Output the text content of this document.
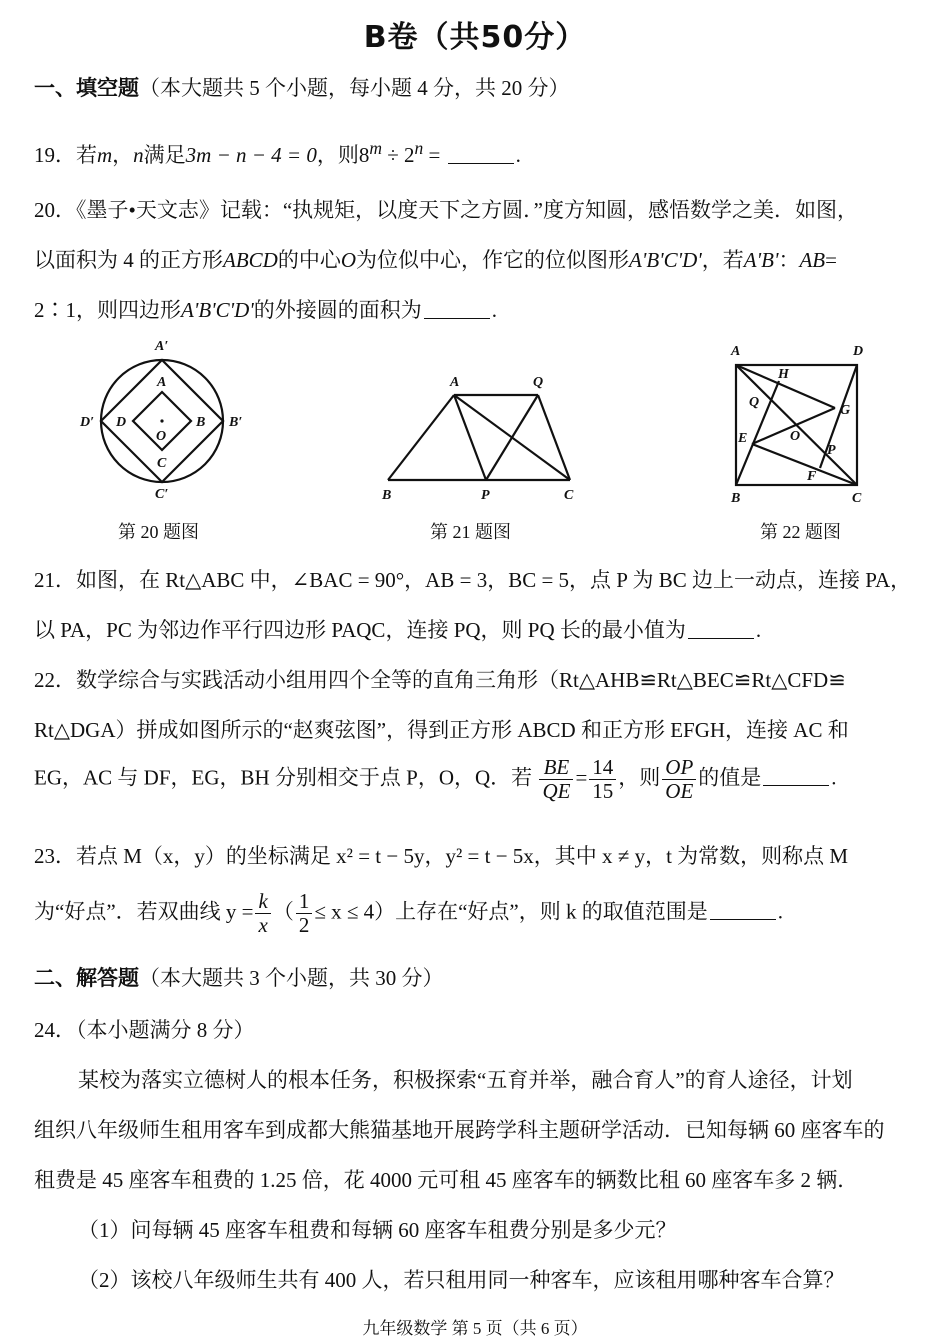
B卷（共50分）
一、填空题（本大题共 5 个小题，每小题 4 分，共 20 分）
19．若m，n满足3m − n − 4 = 0，则$8^m \div 2^n$ =	.
20．《墨子•天文志》记载：“执规矩，以度天下之方圆．”度方知圆，感悟数学之美．如图，
以面积为 4 的正方形ABCD的中心O为位似中心，作它的位似图形A'B'C'D'，若A'B'：AB=
2∶1，则四边形A'B'C'D'的外接圆的面积为	.
A′
B′
C′
D′
A
B
C
D
O
第 20 题图
A	Q
B	P	C
第 21 题图
A	D
B	C
H
Q
G
E	O
P
F
第 22 题图
21．如图，在 Rt△ABC 中，∠BAC = 90°，AB = 3，BC = 5，点 P 为 BC 边上一动点，连接 PA，
以 PA，PC 为邻边作平行四边形 PAQC，连接 PQ，则 PQ 长的最小值为	.
22．数学综合与实践活动小组用四个全等的直角三角形（Rt△AHB≌Rt△BEC≌Rt△CFD≌
Rt△DGA）拼成如图所示的“赵爽弦图”，得到正方形 ABCD 和正方形 EFGH，连接 AC 和
EG，AC 与 DF，EG，BH 分别相交于点 P，O，Q．若 $\frac{BE}{QE} = \frac{14}{15}$ ，则 $\frac{OP}{OE}$ 的值是	.
23．若点 M（x，y）的坐标满足 x² = t − 5y，y² = t − 5x，其中 x ≠ y，t 为常数，则称点 M
为“好点”．若双曲线 $y = \frac{k}{x}$ （ $\frac{1}{2} \le x \le 4$）上存在“好点”，则 k 的取值范围是	.
二、解答题（本大题共 3 个小题，共 30 分）
24．（本小题满分 8 分）
某校为落实立德树人的根本任务，积极探索“五育并举，融合育人”的育人途径，计划
组织八年级师生租用客车到成都大熊猫基地开展跨学科主题研学活动．已知每辆 60 座客车的
租费是 45 座客车租费的 1.25 倍，花 4000 元可租 45 座客车的辆数比租 60 座客车多 2 辆．
（1）问每辆 45 座客车租费和每辆 60 座客车租费分别是多少元？
（2）该校八年级师生共有 400 人，若只租用同一种客车，应该租用哪种客车合算？
九年级数学 第 5 页（共 6 页）
